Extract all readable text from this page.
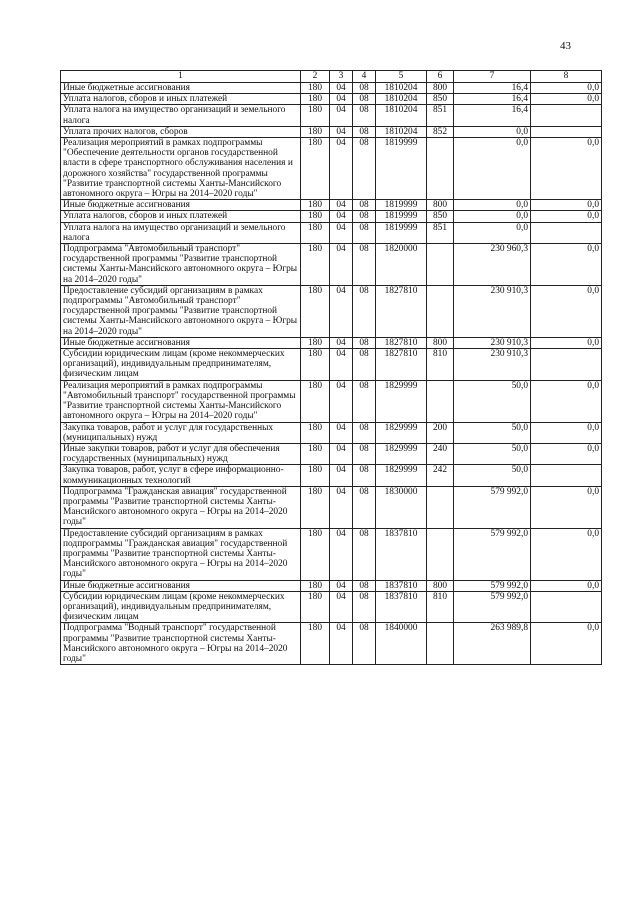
43
1	2	3	4	5	6	7	8
Иные бюджетные ассигнования	180	04	08	1810204	800	16,4	0,0
Уплата налогов, сборов и иных платежей	180	04	08	1810204	850	16,4	0,0
Уплата налога на имущество организаций и земельного налога	180	04	08	1810204	851	16,4	
Уплата прочих налогов, сборов	180	04	08	1810204	852	0,0	
Реализация мероприятий в рамках подпрограммы "Обеспечение деятельности органов государственной власти в сфере транспортного обслуживания населения и дорожного хозяйства" государственной программы "Развитие транспортной системы Ханты-Мансийского автономного округа – Югры на 2014–2020 годы"	180	04	08	1819999		0,0	0,0
Иные бюджетные ассигнования	180	04	08	1819999	800	0,0	0,0
Уплата налогов, сборов и иных платежей	180	04	08	1819999	850	0,0	0,0
Уплата налога на имущество организаций и земельного налога	180	04	08	1819999	851	0,0	
Подпрограмма "Автомобильный транспорт" государственной программы "Развитие транспортной системы Ханты-Мансийского автономного округа – Югры на 2014–2020 годы"	180	04	08	1820000		230 960,3	0,0
Предоставление субсидий организациям в рамках подпрограммы "Автомобильный транспорт" государственной программы "Развитие транспортной системы Ханты-Мансийского автономного округа – Югры на 2014–2020 годы"	180	04	08	1827810		230 910,3	0,0
Иные бюджетные ассигнования	180	04	08	1827810	800	230 910,3	0,0
Субсидии юридическим лицам (кроме некоммерческих организаций), индивидуальным предпринимателям, физическим лицам	180	04	08	1827810	810	230 910,3	
Реализация мероприятий в рамках подпрограммы "Автомобильный транспорт" государственной программы "Развитие транспортной системы Ханты-Мансийского автономного округа – Югры на 2014–2020 годы"	180	04	08	1829999		50,0	0,0
Закупка товаров, работ и услуг для государственных (муниципальных) нужд	180	04	08	1829999	200	50,0	0,0
Иные закупки товаров, работ и услуг для обеспечения государственных (муниципальных) нужд	180	04	08	1829999	240	50,0	0,0
Закупка товаров, работ, услуг в сфере информационно-коммуникационных технологий	180	04	08	1829999	242	50,0	
Подпрограмма "Гражданская авиация" государственной программы "Развитие транспортной системы Ханты-Мансийского автономного округа – Югры на 2014–2020 годы"	180	04	08	1830000		579 992,0	0,0
Предоставление субсидий организациям в рамках подпрограммы "Гражданская авиация" государственной программы "Развитие транспортной системы Ханты-Мансийского автономного округа – Югры на 2014–2020 годы"	180	04	08	1837810		579 992,0	0,0
Иные бюджетные ассигнования	180	04	08	1837810	800	579 992,0	0,0
Субсидии юридическим лицам (кроме некоммерческих организаций), индивидуальным предпринимателям, физическим лицам	180	04	08	1837810	810	579 992,0	
Подпрограмма "Водный транспорт" государственной программы "Развитие транспортной системы Ханты-Мансийского автономного округа – Югры на 2014–2020 годы"	180	04	08	1840000		263 989,8	0,0
